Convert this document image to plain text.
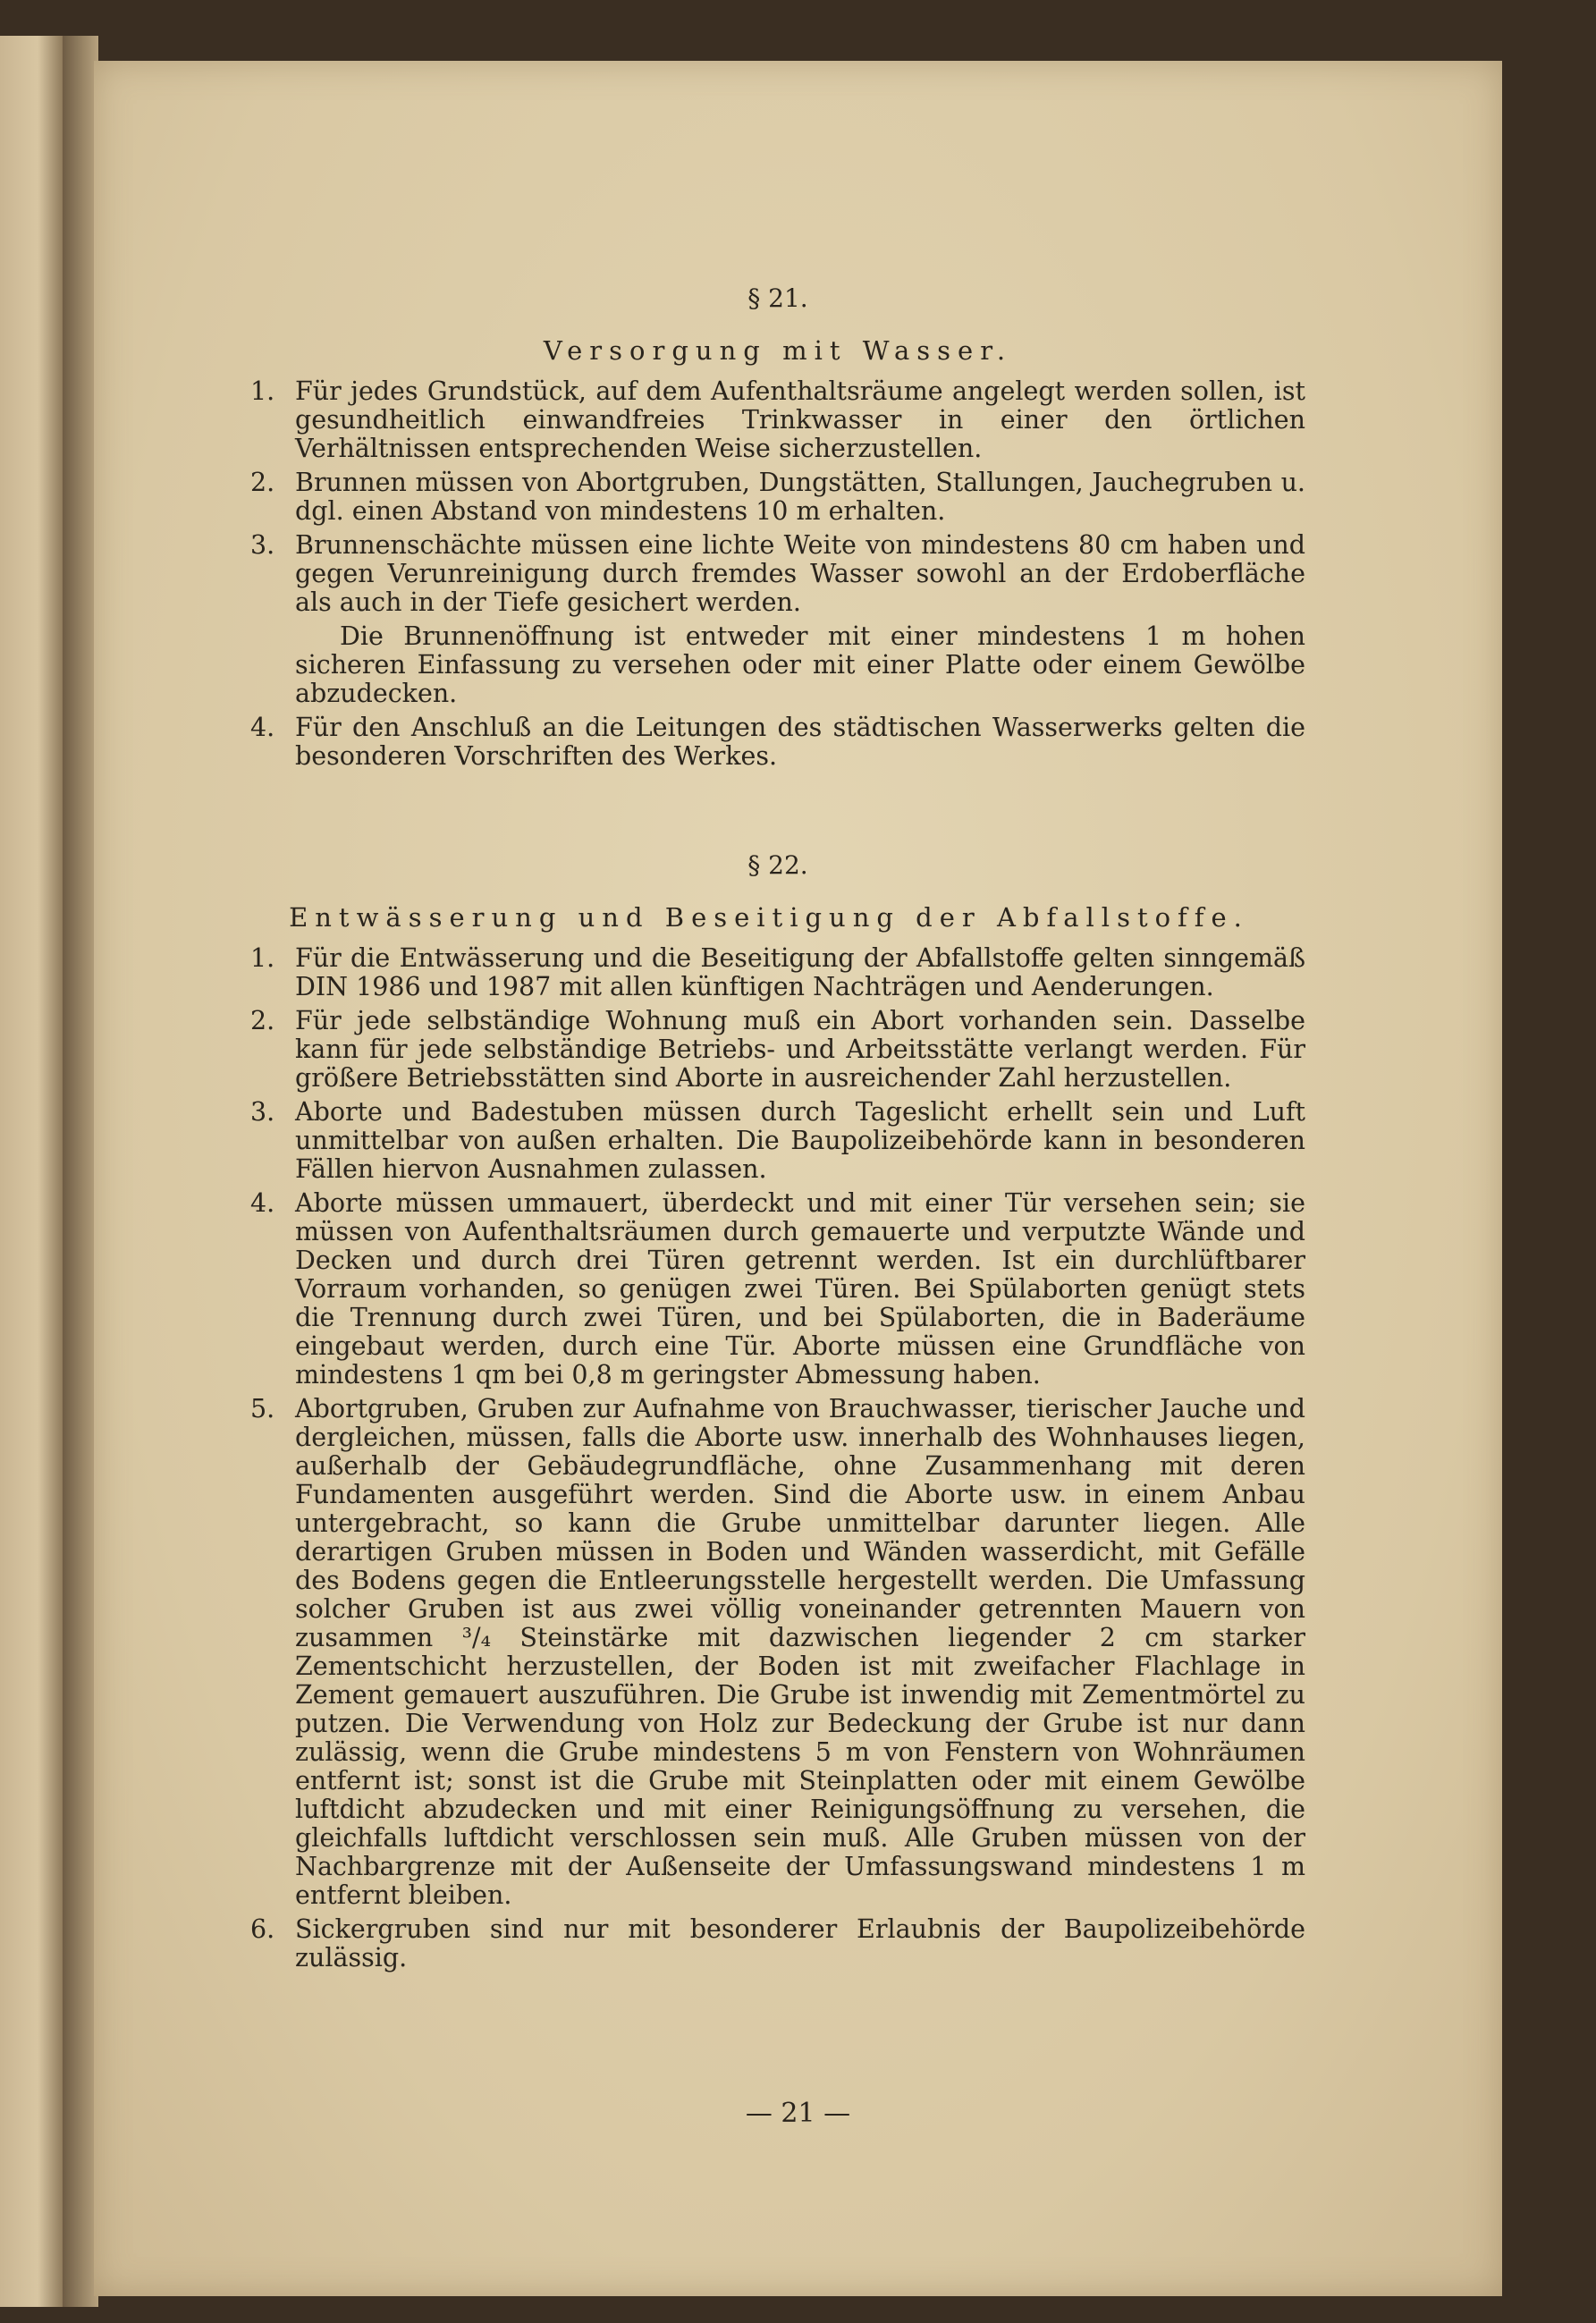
§ 21.
Versorgung mit Wasser.
1. Für jedes Grundstück, auf dem Aufenthaltsräume angelegt werden sollen, ist gesundheitlich einwandfreies Trinkwasser in einer den örtlichen Verhältnissen entsprechenden Weise sicherzustellen.
2. Brunnen müssen von Abortgruben, Dungstätten, Stallungen, Jauchegruben u. dgl. einen Abstand von mindestens 10 m erhalten.
3. Brunnenschächte müssen eine lichte Weite von mindestens 80 cm haben und gegen Verunreinigung durch fremdes Wasser sowohl an der Erdoberfläche als auch in der Tiefe gesichert werden.
Die Brunnenöffnung ist entweder mit einer mindestens 1 m hohen sicheren Einfassung zu versehen oder mit einer Platte oder einem Gewölbe abzudecken.
4. Für den Anschluß an die Leitungen des städtischen Wasserwerks gelten die besonderen Vorschriften des Werkes.
§ 22.
Entwässerung und Beseitigung der Abfallstoffe.
1. Für die Entwässerung und die Beseitigung der Abfallstoffe gelten sinngemäß DIN 1986 und 1987 mit allen künftigen Nachträgen und Aenderungen.
2. Für jede selbständige Wohnung muß ein Abort vorhanden sein. Dasselbe kann für jede selbständige Betriebs- und Arbeitsstätte verlangt werden. Für größere Betriebsstätten sind Aborte in ausreichender Zahl herzustellen.
3. Aborte und Badestuben müssen durch Tageslicht erhellt sein und Luft unmittelbar von außen erhalten. Die Baupolizeibehörde kann in besonderen Fällen hiervon Ausnahmen zulassen.
4. Aborte müssen ummauert, überdeckt und mit einer Tür versehen sein; sie müssen von Aufenthaltsräumen durch gemauerte und verputzte Wände und Decken und durch drei Türen getrennt werden. Ist ein durchlüftbarer Vorraum vorhanden, so genügen zwei Türen. Bei Spülaborten genügt stets die Trennung durch zwei Türen, und bei Spülaborten, die in Baderäume eingebaut werden, durch eine Tür. Aborte müssen eine Grundfläche von mindestens 1 qm bei 0,8 m geringster Abmessung haben.
5. Abortgruben, Gruben zur Aufnahme von Brauchwasser, tierischer Jauche und dergleichen, müssen, falls die Aborte usw. innerhalb des Wohnhauses liegen, außerhalb der Gebäudegrundfläche, ohne Zusammenhang mit deren Fundamenten ausgeführt werden. Sind die Aborte usw. in einem Anbau untergebracht, so kann die Grube unmittelbar darunter liegen. Alle derartigen Gruben müssen in Boden und Wänden wasserdicht, mit Gefälle des Bodens gegen die Entleerungsstelle hergestellt werden. Die Umfassung solcher Gruben ist aus zwei völlig voneinander getrennten Mauern von zusammen ³/₄ Steinstärke mit dazwischen liegender 2 cm starker Zementschicht herzustellen, der Boden ist mit zweifacher Flachlage in Zement gemauert auszuführen. Die Grube ist inwendig mit Zementmörtel zu putzen. Die Verwendung von Holz zur Bedeckung der Grube ist nur dann zulässig, wenn die Grube mindestens 5 m von Fenstern von Wohnräumen entfernt ist; sonst ist die Grube mit Steinplatten oder mit einem Gewölbe luftdicht abzudecken und mit einer Reinigungsöffnung zu versehen, die gleichfalls luftdicht verschlossen sein muß. Alle Gruben müssen von der Nachbargrenze mit der Außenseite der Umfassungswand mindestens 1 m entfernt bleiben.
6. Sickergruben sind nur mit besonderer Erlaubnis der Baupolizeibehörde zulässig.
— 21 —
